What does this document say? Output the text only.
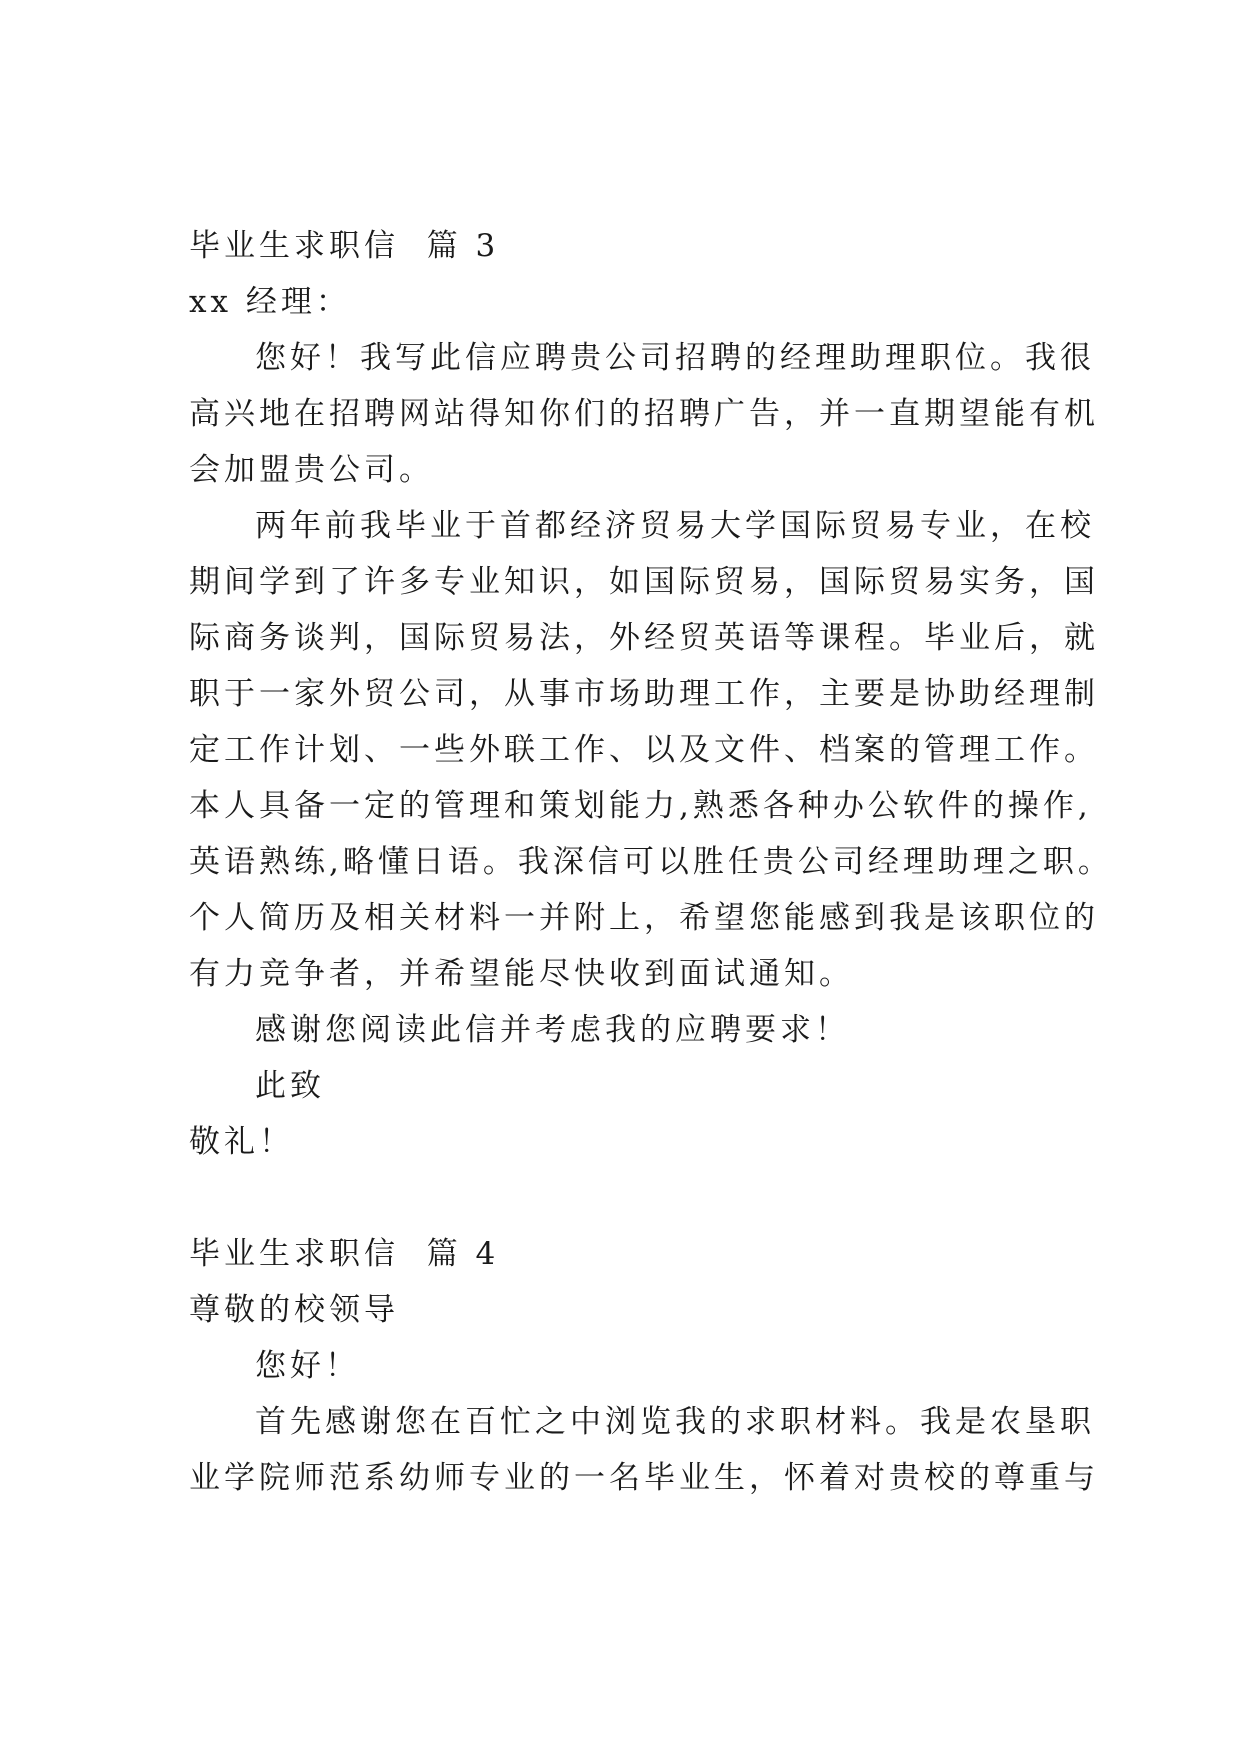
毕业生求职信  篇 3

xx 经理：

您好！我写此信应聘贵公司招聘的经理助理职位。我很

高兴地在招聘网站得知你们的招聘广告，并一直期望能有机

会加盟贵公司。

两年前我毕业于首都经济贸易大学国际贸易专业，在校

期间学到了许多专业知识，如国际贸易，国际贸易实务，国

际商务谈判，国际贸易法，外经贸英语等课程。毕业后，就

职于一家外贸公司，从事市场助理工作，主要是协助经理制

定工作计划、一些外联工作、以及文件、档案的管理工作。

本人具备一定的管理和策划能力,熟悉各种办公软件的操作,

英语熟练,略懂日语。我深信可以胜任贵公司经理助理之职。

个人简历及相关材料一并附上，希望您能感到我是该职位的

有力竞争者，并希望能尽快收到面试通知。

感谢您阅读此信并考虑我的应聘要求！

此致

敬礼！

毕业生求职信  篇 4

尊敬的校领导

您好！

首先感谢您在百忙之中浏览我的求职材料。我是农垦职

业学院师范系幼师专业的一名毕业生，怀着对贵校的尊重与
